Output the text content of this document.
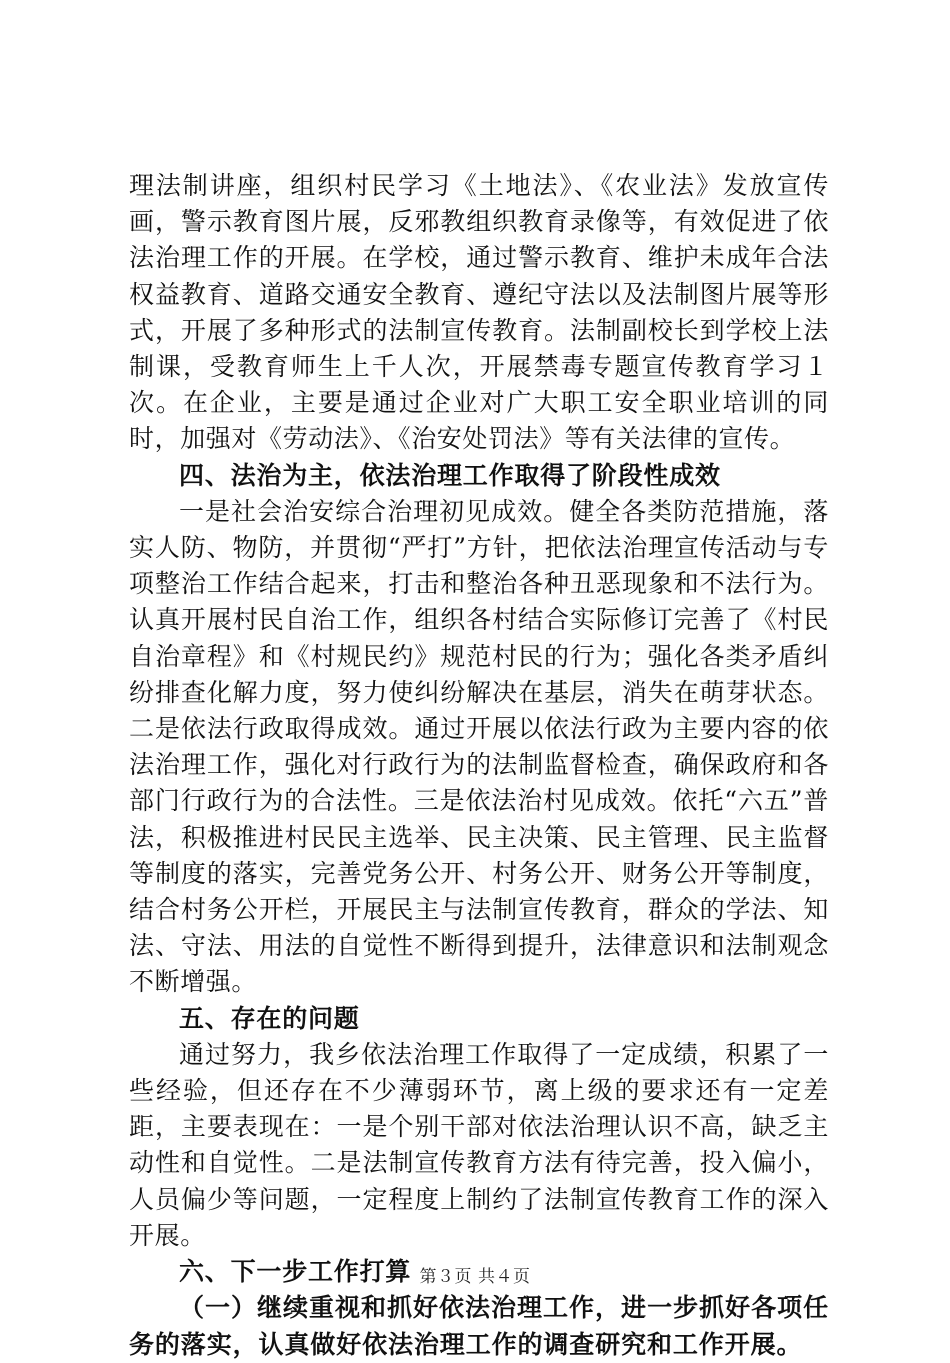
理法制讲座，组织村民学习《土地法》、《农业法》发放宣传画，警示教育图片展，反邪教组织教育录像等，有效促进了依法治理工作的开展。在学校，通过警示教育、维护未成年合法权益教育、道路交通安全教育、遵纪守法以及法制图片展等形式，开展了多种形式的法制宣传教育。法制副校长到学校上法制课，受教育师生上千人次，开展禁毒专题宣传教育学习１次。在企业，主要是通过企业对广大职工安全职业培训的同时，加强对《劳动法》、《治安处罚法》等有关法律的宣传。

四、法治为主，依法治理工作取得了阶段性成效

一是社会治安综合治理初见成效。健全各类防范措施，落实人防、物防，并贯彻“严打”方针，把依法治理宣传活动与专项整治工作结合起来，打击和整治各种丑恶现象和不法行为。认真开展村民自治工作，组织各村结合实际修订完善了《村民自治章程》和《村规民约》规范村民的行为；强化各类矛盾纠纷排查化解力度，努力使纠纷解决在基层，消失在萌芽状态。二是依法行政取得成效。通过开展以依法行政为主要内容的依法治理工作，强化对行政行为的法制监督检查，确保政府和各部门行政行为的合法性。三是依法治村见成效。依托“六五”普法，积极推进村民民主选举、民主决策、民主管理、民主监督等制度的落实，完善党务公开、村务公开、财务公开等制度，结合村务公开栏，开展民主与法制宣传教育，群众的学法、知法、守法、用法的自觉性不断得到提升，法律意识和法制观念不断增强。

五、存在的问题

通过努力，我乡依法治理工作取得了一定成绩，积累了一些经验，但还存在不少薄弱环节，离上级的要求还有一定差距，主要表现在：一是个别干部对依法治理认识不高，缺乏主动性和自觉性。二是法制宣传教育方法有待完善，投入偏小，人员偏少等问题，一定程度上制约了法制宣传教育工作的深入开展。

六、下一步工作打算

（一）继续重视和抓好依法治理工作，进一步抓好各项任务的落实，认真做好依法治理工作的调查研究和工作开展。

第３页 共４页
